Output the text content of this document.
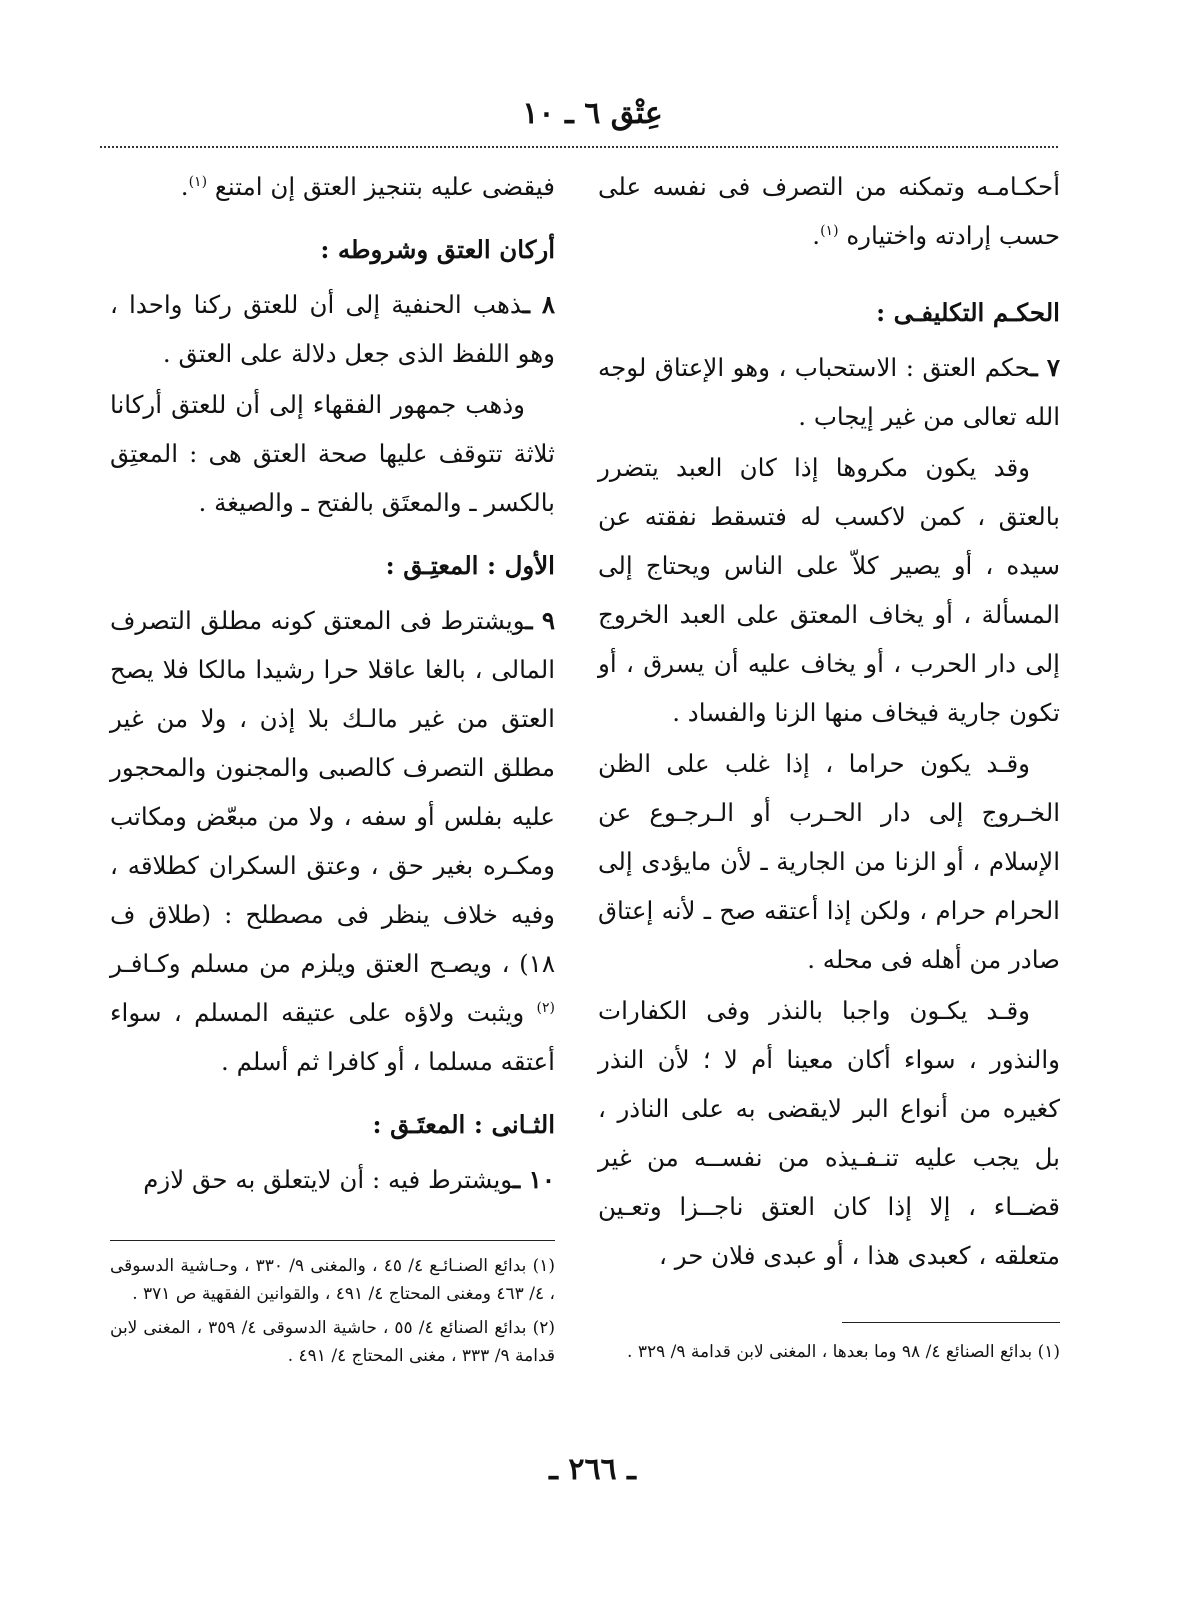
عِتْق ٦ ـ ١٠

أحكـامـه وتمكنه من التصرف فى نفسه على حسب إرادته واختياره $^{(١)}$.

الحكـم التكليفـى :

٧ ـحكم العتق : الاستحباب ، وهو الإعتاق لوجه الله تعالى من غير إيجاب .

وقد يكون مكروها إذا كان العبد يتضرر بالعتق ، كمن لاكسب له فتسقط نفقته عن سيده ، أو يصير كلاّ على الناس ويحتاج إلى المسألة ، أو يخاف المعتق على العبد الخروج إلى دار الحرب ، أو يخاف عليه أن يسرق ، أو تكون جارية فيخاف منها الزنا والفساد .

وقـد يكون حراما ، إذا غلب على الظن الخـروج إلى دار الحـرب أو الـرجـوع عن الإسلام ، أو الزنا من الجارية ـ لأن مايؤدى إلى الحرام حرام ، ولكن إذا أعتقه صح ـ لأنه إعتاق صادر من أهله فى محله .

وقـد يكـون واجبا بالنذر وفى الكفارات والنذور ، سواء أكان معينا أم لا ؛ لأن النذر كغيره من أنواع البر لايقضى به على الناذر ، بل يجب عليه تنـفـيذه من نفســه من غير قضــاء ، إلا إذا كان العتق ناجــزا وتعـين متعلقه ، كعبدى هذا ، أو عبدى فلان حر ،

فيقضى عليه بتنجيز العتق إن امتنع $^{(١)}$.

أركان العتق وشروطه :

٨ ـذهب الحنفية إلى أن للعتق ركنا واحدا ، وهو اللفظ الذى جعل دلالة على العتق .

وذهب جمهور الفقهاء إلى أن للعتق أركانا ثلاثة تتوقف عليها صحة العتق هى : المعتِق بالكسر ـ والمعتَق بالفتح ـ والصيغة .

الأول : المعتِـق :

٩ ـويشترط فى المعتق كونه مطلق التصرف المالى ، بالغا عاقلا حرا رشيدا مالكا فلا يصح العتق من غير مالـك بلا إذن ، ولا من غير مطلق التصرف كالصبى والمجنون والمحجور عليه بفلس أو سفه ، ولا من مبعّض ومكاتب ومكـره بغير حق ، وعتق السكران كطلاقه ، وفيه خلاف ينظر فى مصطلح : (طلاق ف ١٨) ، ويصـح العتق ويلزم من مسلم وكـافـر $^{(٢)}$ ويثبت ولاؤه على عتيقه المسلم ، سواء أعتقه مسلما ، أو كافرا ثم أسلم .

الثـانى : المعتَـق :

١٠ ـويشترط فيه : أن لايتعلق به حق لازم

(١) بدائع الصنائع ٤/ ٩٨ وما بعدها ، المغنى لابن قدامة ٩/ ٣٢٩ .

(١) بدائع الصنـائـع ٤/ ٤٥ ، والمغنى ٩/ ٣٣٠ ، وحـاشية الدسوقى ، ٤/ ٤٦٣ ومغنى المحتاج ٤/ ٤٩١ ، والقوانين الفقهية ص ٣٧١ .

(٢) بدائع الصنائع ٤/ ٥٥ ، حاشية الدسوقى ٤/ ٣٥٩ ، المغنى لابن قدامة ٩/ ٣٣٣ ، مغنى المحتاج ٤/ ٤٩١ .

ـ ٢٦٦ ـ
